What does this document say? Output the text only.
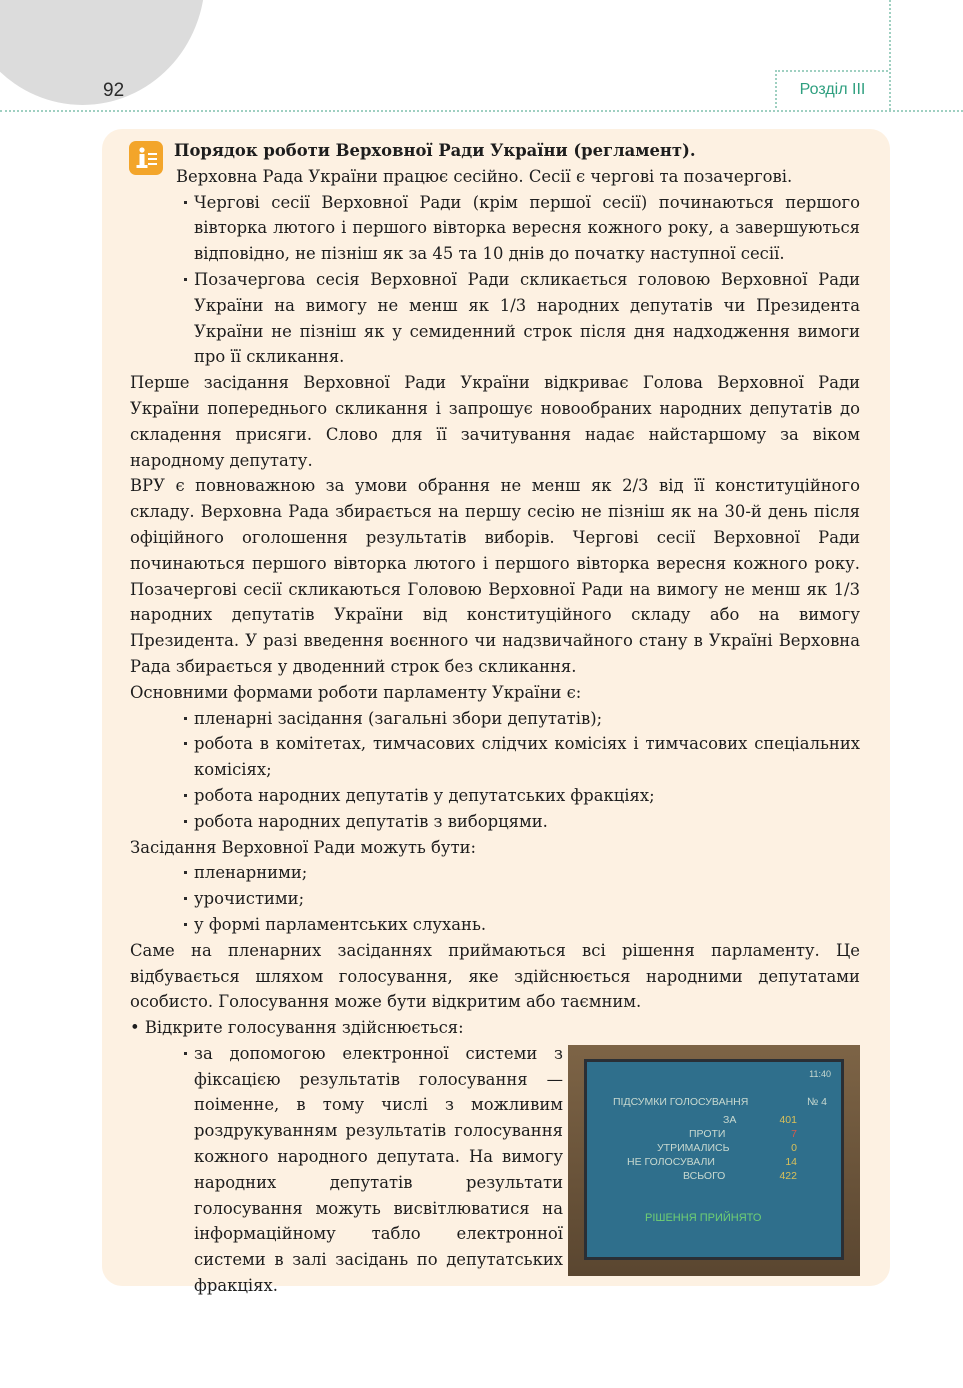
92	Розділ ІІІ

Порядок роботи Верховної Ради України (регламент).

Верховна Рада України працює сесійно. Сесії є чергові та позачергові.

Чергові сесії Верховної Ради (крім першої сесії) починаються першого вівторка лютого і першого вівторка вересня кожного року, а завершуються відповідно, не пізніш як за 45 та 10 днів до початку наступної сесії.

Позачергова сесія Верховної Ради скликається головою Верховної Ради України на вимогу не менш як 1/3 народних депутатів чи Президента України не пізніш як у семиденний строк після дня надходження вимоги про її скликання.

Перше засідання Верховної Ради України відкриває Голова Верховної Ради України попереднього скликання і запрошує новообраних народних депутатів до складення присяги. Слово для її зачитування надає найстаршому за віком народному депутату.

ВРУ є повноважною за умови обрання не менш як 2/3 від її конституційного складу. Верховна Рада збирається на першу сесію не пізніш як на 30-й день після офіційного оголошення результатів виборів. Чергові сесії Верховної Ради починаються першого вівторка лютого і першого вівторка вересня кожного року. Позачергові сесії скликаються Головою Верховної Ради на вимогу не менш як 1/3 народних депутатів України від конституційного складу або на вимогу Президента. У разі введення воєнного чи надзвичайного стану в Україні Верховна Рада збирається у дводенний строк без скликання.

Основними формами роботи парламенту України є:

пленарні засідання (загальні збори депутатів);

робота в комітетах, тимчасових слідчих комісіях і тимчасових спеціальних комісіях;

робота народних депутатів у депутатських фракціях;

робота народних депутатів з виборцями.

Засідання Верховної Ради можуть бути:

пленарними;

урочистими;

у формі парламентських слухань.

Саме на пленарних засіданнях приймаються всі рішення парламенту. Це відбувається шляхом голосування, яке здійснюється народними депутатами особисто. Голосування може бути відкритим або таємним.

• Відкрите голосування здійснюється:

за допомогою електронної системи з фіксацією результатів голосування — поіменне, в тому числі з можливим роздрукуванням результатів голосування кожного народного депутата. На вимогу народних депутатів результати голосування можуть висвітлюватися на інформаційному табло електронної системи в залі засідань по депутатських фракціях.

11:40
ПІДСУМКИ ГОЛОСУВАННЯ	№ 4
ЗА	401
ПРОТИ	7
УТРИМАЛИСЬ	0
НЕ ГОЛОСУВАЛИ	14
ВСЬОГО	422
РІШЕННЯ ПРИЙНЯТО
